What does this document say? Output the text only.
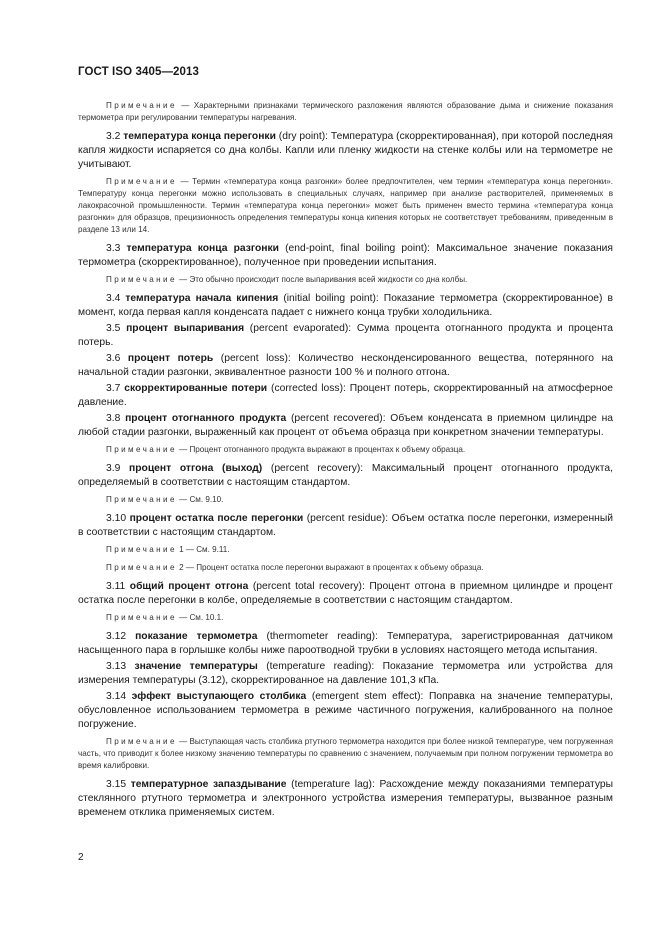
ГОСТ ISO 3405—2013

Примечание — Характерными признаками термического разложения являются образование дыма и снижение показания термометра при регулировании температуры нагревания.

3.2 температура конца перегонки (dry point): Температура (скорректированная), при которой последняя капля жидкости испаряется со дна колбы. Капли или пленку жидкости на стенке колбы или на термометре не учитывают.

Примечание — Термин «температура конца разгонки» более предпочтителен, чем термин «температура конца перегонки». Температуру конца перегонки можно использовать в специальных случаях, например при анализе растворителей, применяемых в лакокрасочной промышленности. Термин «температура конца перегонки» может быть применен вместо термина «температура конца разгонки» для образцов, прецизионность определения температуры конца кипения которых не соответствует требованиям, приведенным в разделе 13 или 14.

3.3 температура конца разгонки (end-point, final boiling point): Максимальное значение показания термометра (скорректированное), полученное при проведении испытания.

Примечание — Это обычно происходит после выпаривания всей жидкости со дна колбы.

3.4 температура начала кипения (initial boiling point): Показание термометра (скорректированное) в момент, когда первая капля конденсата падает с нижнего конца трубки холодильника.

3.5 процент выпаривания (percent evaporated): Сумма процента отогнанного продукта и процента потерь.

3.6 процент потерь (percent loss): Количество несконденсированного вещества, потерянного на начальной стадии разгонки, эквивалентное разности 100 % и полного отгона.

3.7 скорректированные потери (corrected loss): Процент потерь, скорректированный на атмосферное давление.

3.8 процент отогнанного продукта (percent recovered): Объем конденсата в приемном цилиндре на любой стадии разгонки, выраженный как процент от объема образца при конкретном значении температуры.

Примечание — Процент отогнанного продукта выражают в процентах к объему образца.

3.9 процент отгона (выход) (percent recovery): Максимальный процент отогнанного продукта, определяемый в соответствии с настоящим стандартом.

Примечание — См. 9.10.

3.10 процент остатка после перегонки (percent residue): Объем остатка после перегонки, измеренный в соответствии с настоящим стандартом.

Примечание 1 — См. 9.11.

Примечание 2 — Процент остатка после перегонки выражают в процентах к объему образца.

3.11 общий процент отгона (percent total recovery): Процент отгона в приемном цилиндре и процент остатка после перегонки в колбе, определяемые в соответствии с настоящим стандартом.

Примечание — См. 10.1.

3.12 показание термометра (thermometer reading): Температура, зарегистрированная датчиком насыщенного пара в горлышке колбы ниже пароотводной трубки в условиях настоящего метода испытания.

3.13 значение температуры (temperature reading): Показание термометра или устройства для измерения температуры (3.12), скорректированное на давление 101,3 кПа.

3.14 эффект выступающего столбика (emergent stem effect): Поправка на значение температуры, обусловленное использованием термометра в режиме частичного погружения, калиброванного на полное погружение.

Примечание — Выступающая часть столбика ртутного термометра находится при более низкой температуре, чем погруженная часть, что приводит к более низкому значению температуры по сравнению с значением, получаемым при полном погружении термометра во время калибровки.

3.15 температурное запаздывание (temperature lag): Расхождение между показаниями температуры стеклянного ртутного термометра и электронного устройства измерения температуры, вызванное разным временем отклика применяемых систем.

2
